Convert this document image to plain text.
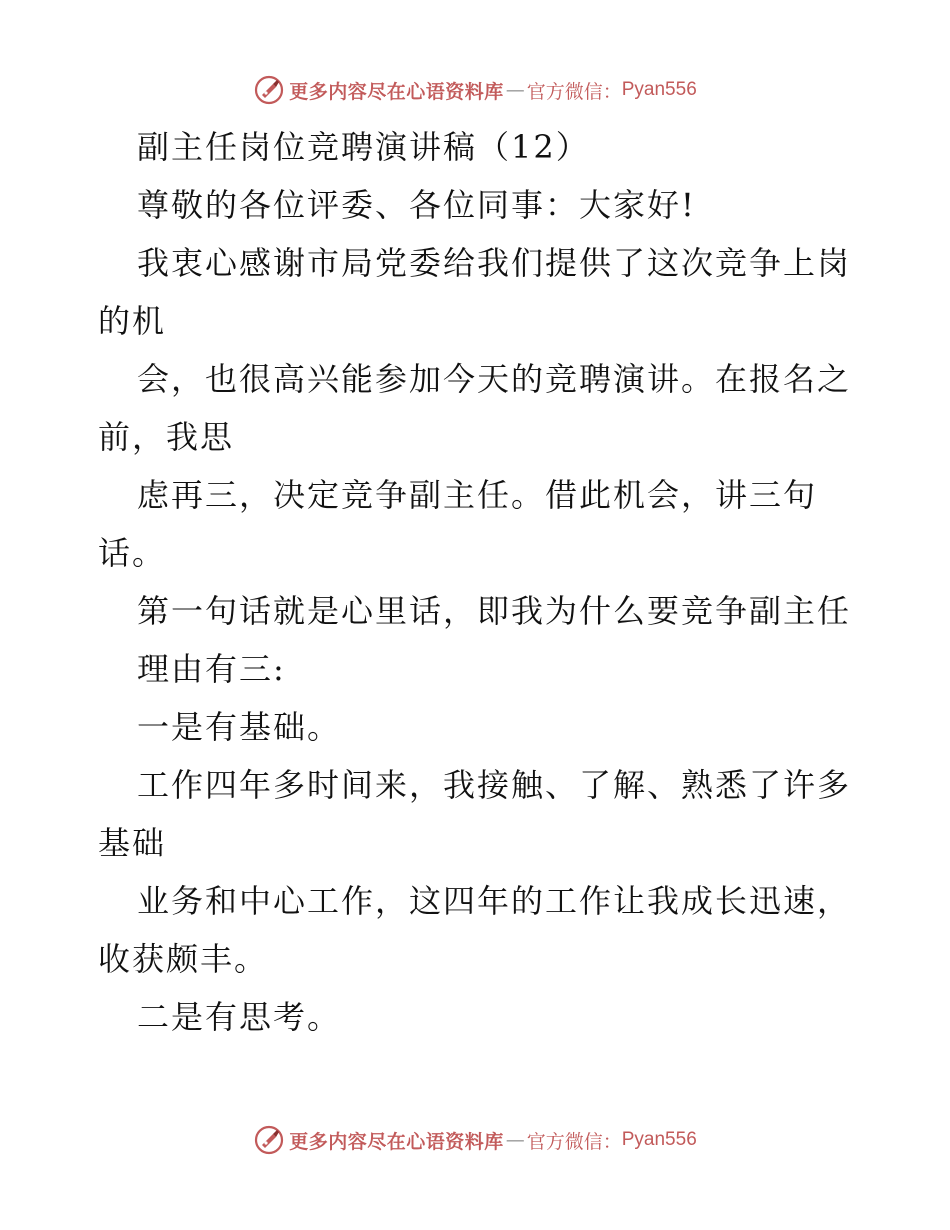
更多内容尽在心语资料库 — 官方微信： Pyan556
副主任岗位竞聘演讲稿（12）
尊敬的各位评委、各位同事：大家好!
我衷心感谢市局党委给我们提供了这次竞争上岗
的机
会，也很高兴能参加今天的竞聘演讲。在报名之
前，我思
虑再三，决定竞争副主任。借此机会，讲三句
话。
第一句话就是心里话，即我为什么要竞争副主任
理由有三:
一是有基础。
工作四年多时间来，我接触、了解、熟悉了许多
基础
业务和中心工作，这四年的工作让我成长迅速，
收获颇丰。
二是有思考。
更多内容尽在心语资料库 — 官方微信： Pyan556
